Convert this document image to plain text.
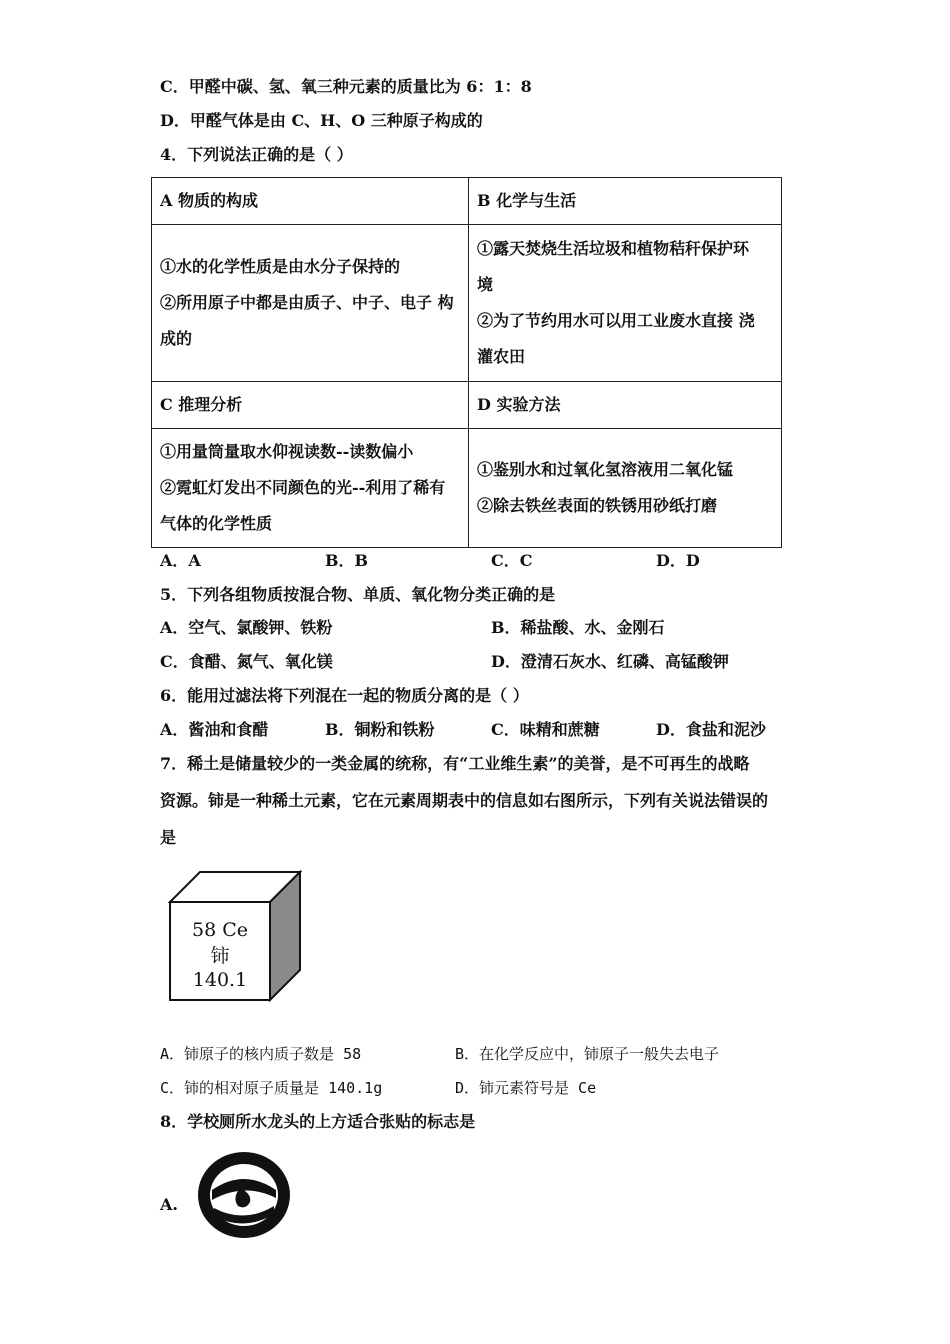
C．甲醛中碳、氢、氧三种元素的质量比为 6：1：8
D．甲醛气体是由 C、H、O 三种原子构成的
4．下列说法正确的是（ ）
A 物质的构成	B 化学与生活

①水的化学性质是由水分子保持的
②所用原子中都是由质子、中子、电子 构
成的	①露天焚烧生活垃圾和植物秸秆保护环
境
②为了节约用水可以用工业废水直接 浇
灌农田

C 推理分析	D 实验方法

①用量筒量取水仰视读数--读数偏小
②霓虹灯发出不同颜色的光--利用了稀有
气体的化学性质	①鉴别水和过氧化氢溶液用二氧化锰
②除去铁丝表面的铁锈用砂纸打磨
A．A	B．B	C．C	D．D
5．下列各组物质按混合物、单质、氧化物分类正确的是
A．空气、氯酸钾、铁粉	B．稀盐酸、水、金刚石
C．食醋、氮气、氧化镁	D．澄清石灰水、红磷、高锰酸钾
6．能用过滤法将下列混在一起的物质分离的是（ ）
A．酱油和食醋	B．铜粉和铁粉	C．味精和蔗糖	D．食盐和泥沙
7．稀土是储量较少的一类金属的统称，有“工业维生素”的美誉，是不可再生的战略
资源。铈是一种稀土元素，它在元素周期表中的信息如右图所示，下列有关说法错误的
是
58 Ce
铈
140.1
A．铈原子的核内质子数是 58	B．在化学反应中，铈原子一般失去电子
C．铈的相对原子质量是 140.1g	D．铈元素符号是 Ce
8．学校厕所水龙头的上方适合张贴的标志是
A.
